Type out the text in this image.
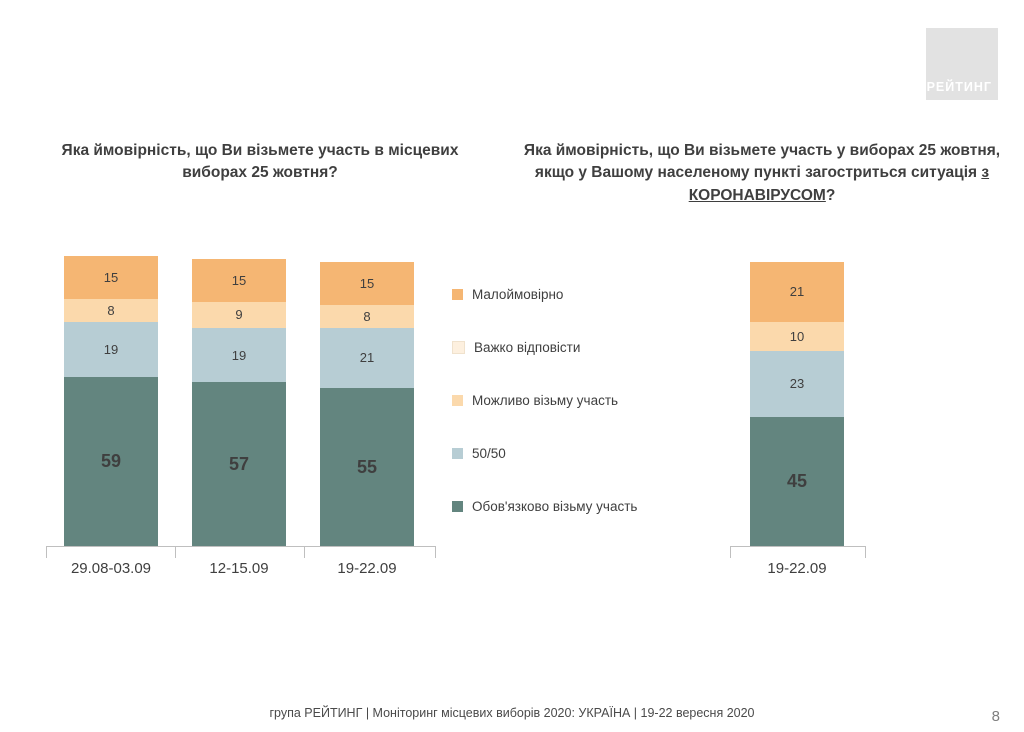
РЕЙТИНГ
Яка ймовірність, що Ви візьмете участь в місцевих виборах 25 жовтня?
Яка ймовірність, що Ви візьмете участь у виборах 25 жовтня, якщо у Вашому населеному пункті загостриться ситуація з КОРОНАВІРУСОМ?
15
8
19
59
29.08-03.09
15
9
19
57
12-15.09
15
8
21
55
19-22.09
21
10
23
45
19-22.09
Малоймовірно
Важко відповісти
Можливо візьму участь
50/50
Обов'язково візьму участь
група РЕЙТИНГ | Моніторинг місцевих виборів 2020: УКРАЇНА | 19-22 вересня 2020	8
